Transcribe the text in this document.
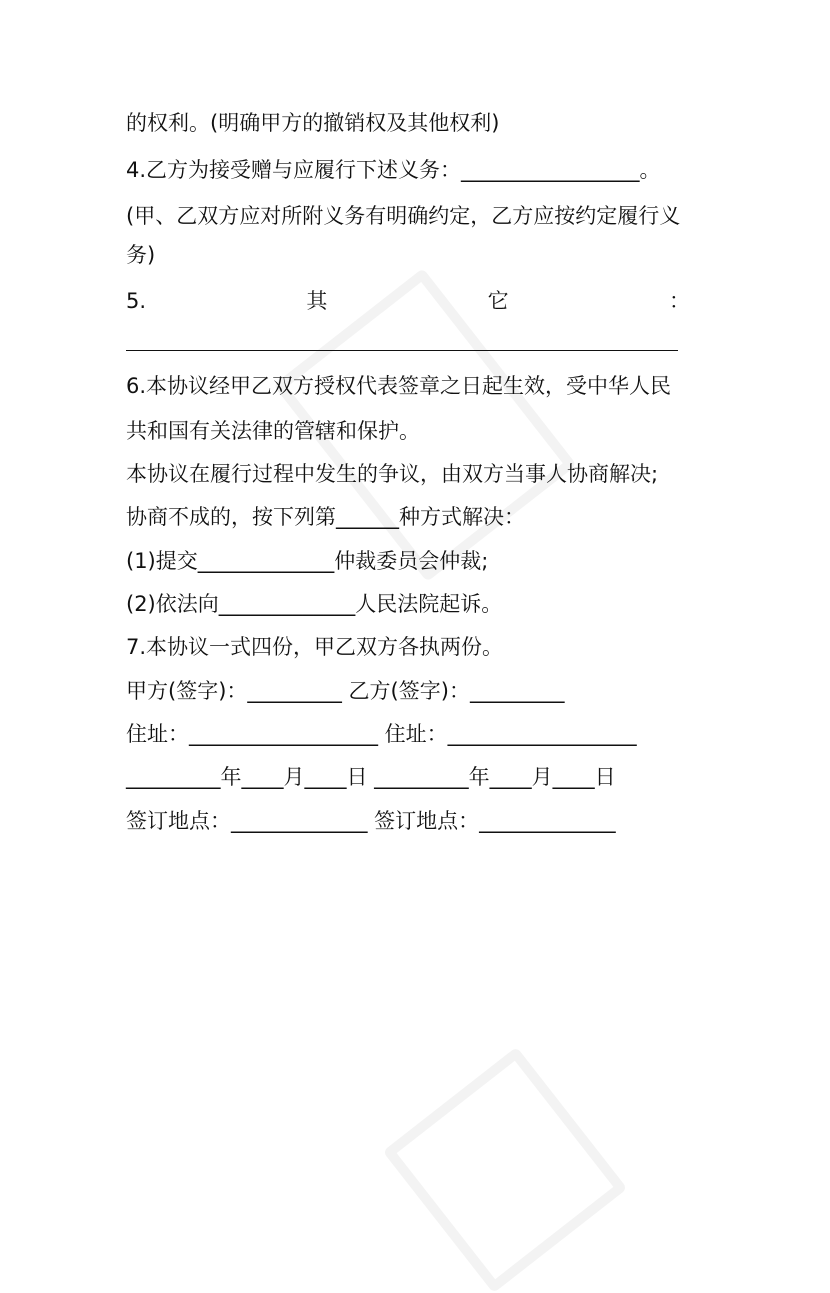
的权利。(明确甲方的撤销权及其他权利)

4.乙方为接受赠与应履行下述义务：_________________。

(甲、乙双方应对所附义务有明确约定，乙方应按约定履行义

务)

5.	其	它	：

6.本协议经甲乙双方授权代表签章之日起生效，受中华人民

共和国有关法律的管辖和保护。

本协议在履行过程中发生的争议，由双方当事人协商解决;

协商不成的，按下列第______种方式解决：

(1)提交_____________仲裁委员会仲裁;

(2)依法向_____________人民法院起诉。

7.本协议一式四份，甲乙双方各执两份。

甲方(签字)：_________ 乙方(签字)：_________

住址：__________________ 住址：__________________

_________年____月____日 _________年____月____日

签订地点：_____________ 签订地点：_____________
